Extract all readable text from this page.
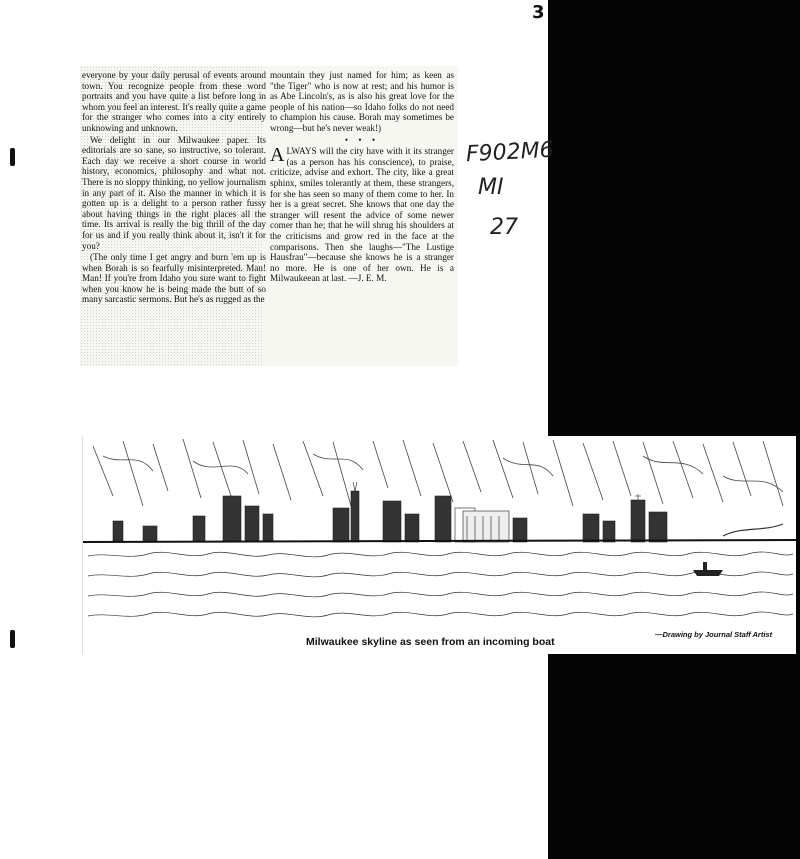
3

everyone by your daily perusal of events around town. You recognize people from these word portraits and you have quite a list before long in whom you feel an interest. It's really quite a game for the stranger who comes into a city entirely unknowing and unknown.

We delight in our Milwaukee paper. Its editorials are so sane, so instructive, so tolerant. Each day we receive a short course in world history, economics, philosophy and what not. There is no sloppy thinking, no yellow journalism in any part of it. Also the manner in which it is gotten up is a delight to a person rather fussy about having things in the right places all the time. Its arrival is really the big thrill of the day for us and if you really think about it, isn't it for you?

(The only time I get angry and burn 'em up is when Borah is so fearfully misinterpreted. Man! Man! If you're from Idaho you sure want to fight when you know he is being made the butt of so many sarcastic sermons. But he's as rugged as the

mountain they just named for him; as keen as "the Tiger" who is now at rest; and his humor is as Abe Lincoln's, as is also his great love for the people of his nation—so Idaho folks do not need to champion his cause. Borah may sometimes be wrong—but he's never weak!)

• • •

ALWAYS will the city have with it its stranger (as a person has his conscience), to praise, criticize, advise and exhort. The city, like a great sphinx, smiles tolerantly at them, these strangers, for she has seen so many of them come to her. In her is a great secret. She knows that one day the stranger will resent the advice of some newer comer than he; that he will shrug his shoulders at the criticisms and grow red in the face at the comparisons. Then she laughs—"The Lustige Hausfrau"—because she knows he is a stranger no more. He is one of her own. He is a Milwaukeean at last. —J. E. M.

F902M6
MI
27
Milwaukee skyline as seen from an incoming boat
—Drawing by Journal Staff Artist
